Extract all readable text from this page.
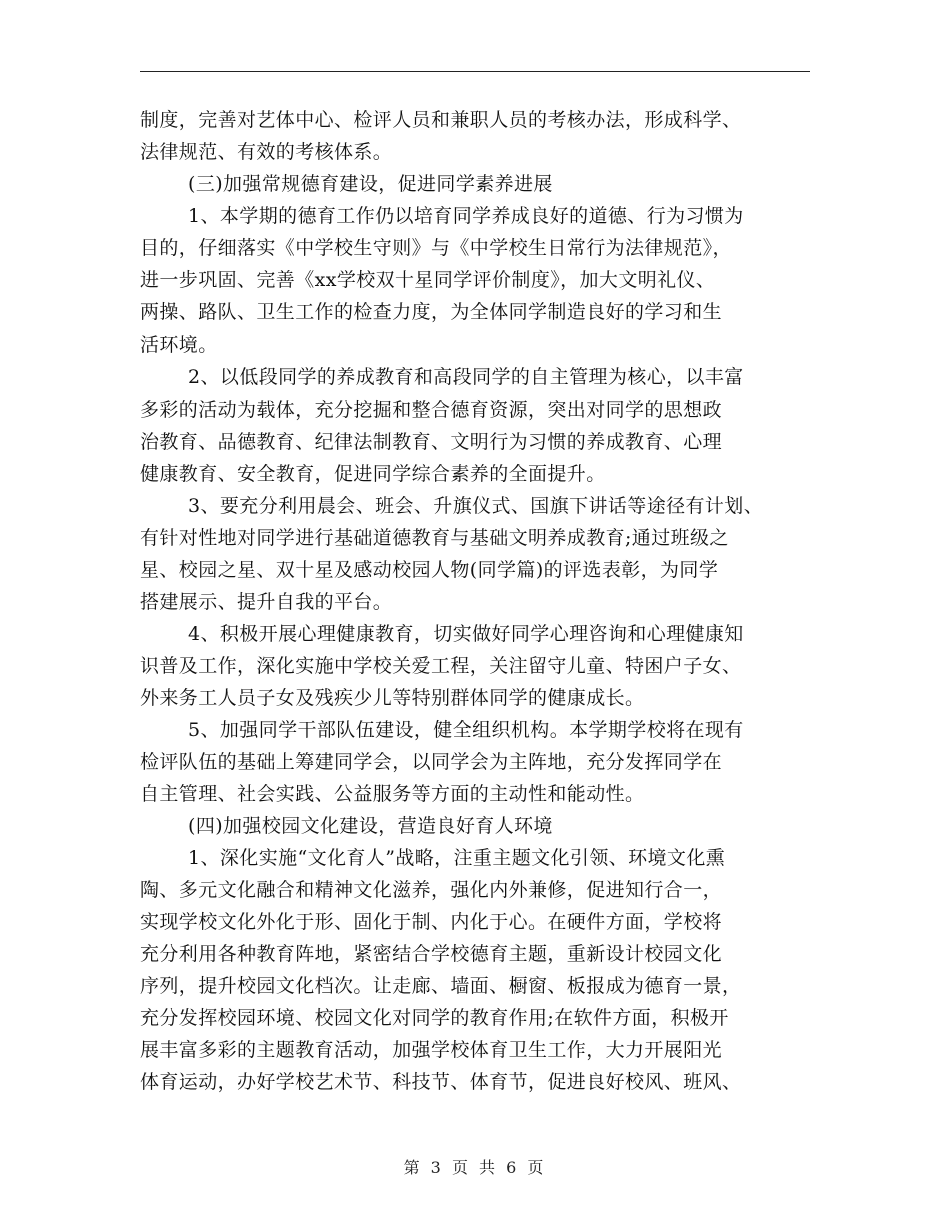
制度，完善对艺体中心、检评人员和兼职人员的考核办法，形成科学、
法律规范、有效的考核体系。
(三)加强常规德育建设，促进同学素养进展
1、本学期的德育工作仍以培育同学养成良好的道德、行为习惯为
目的，仔细落实《中学校生守则》与《中学校生日常行为法律规范》，
进一步巩固、完善《xx学校双十星同学评价制度》，加大文明礼仪、
两操、路队、卫生工作的检查力度，为全体同学制造良好的学习和生
活环境。
2、以低段同学的养成教育和高段同学的自主管理为核心，以丰富
多彩的活动为载体，充分挖掘和整合德育资源，突出对同学的思想政
治教育、品德教育、纪律法制教育、文明行为习惯的养成教育、心理
健康教育、安全教育，促进同学综合素养的全面提升。
3、要充分利用晨会、班会、升旗仪式、国旗下讲话等途径有计划、
有针对性地对同学进行基础道德教育与基础文明养成教育;通过班级之
星、校园之星、双十星及感动校园人物(同学篇)的评选表彰，为同学
搭建展示、提升自我的平台。
4、积极开展心理健康教育，切实做好同学心理咨询和心理健康知
识普及工作，深化实施中学校关爱工程，关注留守儿童、特困户子女、
外来务工人员子女及残疾少儿等特别群体同学的健康成长。
5、加强同学干部队伍建设，健全组织机构。本学期学校将在现有
检评队伍的基础上筹建同学会，以同学会为主阵地，充分发挥同学在
自主管理、社会实践、公益服务等方面的主动性和能动性。
(四)加强校园文化建设，营造良好育人环境
1、深化实施“文化育人”战略，注重主题文化引领、环境文化熏
陶、多元文化融合和精神文化滋养，强化内外兼修，促进知行合一，
实现学校文化外化于形、固化于制、内化于心。在硬件方面，学校将
充分利用各种教育阵地，紧密结合学校德育主题，重新设计校园文化
序列，提升校园文化档次。让走廊、墙面、橱窗、板报成为德育一景，
充分发挥校园环境、校园文化对同学的教育作用;在软件方面，积极开
展丰富多彩的主题教育活动，加强学校体育卫生工作，大力开展阳光
体育运动，办好学校艺术节、科技节、体育节，促进良好校风、班风、
第 3 页 共 6 页
